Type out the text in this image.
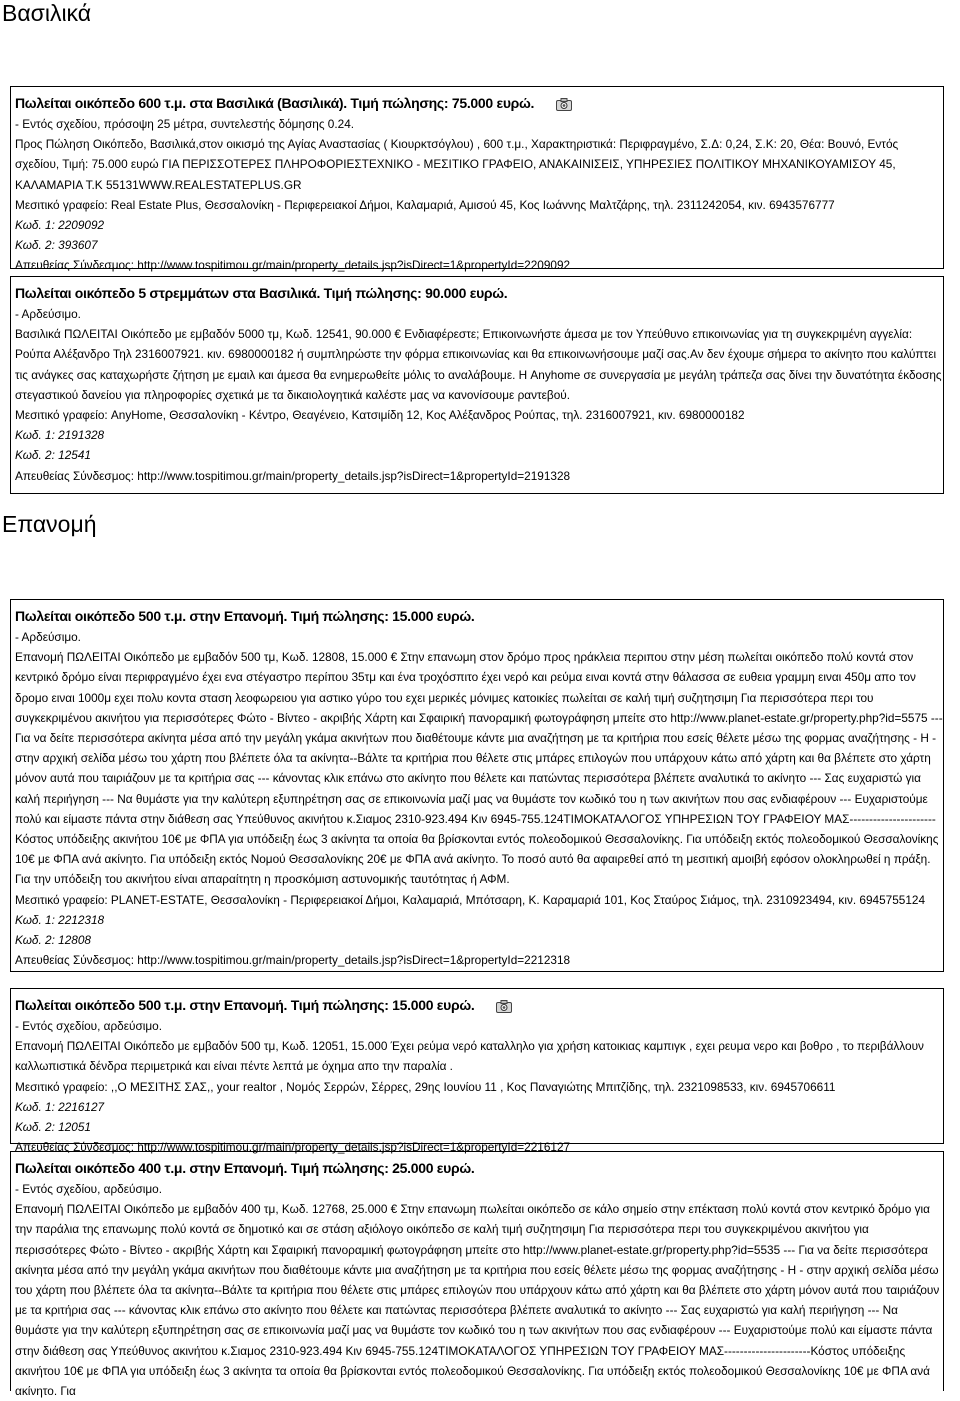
Βασιλικά

Πωλείται οικόπεδο 600 τ.μ. στα Βασιλικά (Βασιλικά). Τιμή πώλησης: 75.000 ευρώ.

- Εντός σχεδίου, πρόσοψη 25 μέτρα, συντελεστής δόμησης 0.24.

Προς Πώληση Οικόπεδο, Βασιλικά,στον οικισμό της Αγίας Αναστασίας ( Κιουρκτσόγλου) , 600 τ.μ., Χαρακτηριστικά: Περιφραγμένο, Σ.Δ: 0,24, Σ.Κ: 20, Θέα: Βουνό, Εντός σχεδίου, Τιμή: 75.000 ευρώ ΓΙΑ ΠΕΡΙΣΣΟΤΕΡΕΣ ΠΛΗΡΟΦΟΡΙΕΣΤΕΧΝΙΚΟ - ΜΕΣΙΤΙΚΟ ΓΡΑΦΕΙΟ, ΑΝΑΚΑΙΝΙΣΕΙΣ, ΥΠΗΡΕΣΙΕΣ ΠΟΛΙΤΙΚΟΥ ΜΗΧΑΝΙΚΟΥΑΜΙΣΟΥ 45, ΚΑΛΑΜΑΡΙΑ Τ.Κ 55131WWW.REALESTATEPLUS.GR

Μεσιτικό γραφείο: Real Estate Plus, Θεσσαλονίκη - Περιφερειακοί Δήμοι, Καλαμαριά, Αμισού 45, Κος Ιωάννης Μαλτζάρης, τηλ. 2311242054, κιν. 6943576777

Κωδ. 1: 2209092

Κωδ. 2: 393607

Απευθείας Σύνδεσμος: http://www.tospitimou.gr/main/property_details.jsp?isDirect=1&propertyId=2209092

Πωλείται οικόπεδο 5 στρεμμάτων στα Βασιλικά. Τιμή πώλησης: 90.000 ευρώ.

- Αρδεύσιμο.

Βασιλικά ΠΩΛΕΙΤΑΙ Οικόπεδο με εμβαδόν 5000 τμ, Κωδ. 12541, 90.000 € Ενδιαφέρεστε; Επικοινωνήστε άμεσα με τον Υπεύθυνο επικοινωνίας για τη συγκεκριμένη αγγελία: Ρούπα Αλέξανδρο Τηλ 2316007921. κιν. 6980000182 ή συμπληρώστε την φόρμα επικοινωνίας και θα επικοινωνήσουμε μαζί σας.Αν δεν έχουμε σήμερα το ακίνητο που καλύπτει τις ανάγκες σας καταχωρήστε ζήτηση με εμαιλ και άμεσα θα ενημερωθείτε μόλις το αναλάβουμε. Η Anyhome σε συνεργασία με μεγάλη τράπεζα σας δίνει την δυνατότητα έκδοσης στεγαστικού δανείου για πληροφορίες σχετικά με τα δικαιολογητικά καλέστε μας να κανονίσουμε ραντεβού.

Μεσιτικό γραφείο: AnyHome, Θεσσαλονίκη - Κέντρο, Θεαγένειο, Κατσιμίδη 12, Κος Αλέξανδρος Ρούπας, τηλ. 2316007921, κιν. 6980000182

Κωδ. 1: 2191328

Κωδ. 2: 12541

Απευθείας Σύνδεσμος: http://www.tospitimou.gr/main/property_details.jsp?isDirect=1&propertyId=2191328

Επανομή

Πωλείται οικόπεδο 500 τ.μ. στην Επανομή. Τιμή πώλησης: 15.000 ευρώ.

- Αρδεύσιμο.

Επανομή ΠΩΛΕΙΤΑΙ Οικόπεδο με εμβαδόν 500 τμ, Κωδ. 12808, 15.000 € Στην επανωμη στον δρόμο προς ηράκλεια περιπου στην μέση πωλείται οικόπεδο πολύ κοντά στον κεντρικό δρόμο είναι περιφραγμένο έχει ενα στέγαστρο περίπου 35τμ και ένα τροχόσπιτο έχει νερό και ρεύμα ειναι κοντά στην θάλασσα σε ευθεια γραμμη ειναι 450μ απο τον δρομο ειναι 1000μ εχει πολυ κοντα σταση λεοφωρειου για αστικο γύρο του εχει μερικές μόνιμες κατοικίες πωλείται σε καλή τιμή συζητησιμη Για περισσότερα περι του συγκεκριμένου ακινήτου για περισσότερες Φώτο - Βίντεο - ακριβής Χάρτη και Σφαιρική πανοραμική φωτογράφηση μπείτε στο http://www.planet-estate.gr/property.php?id=5575 --- Για να δείτε περισσότερα ακίνητα μέσα από την μεγάλη γκάμα ακινήτων που διαθέτουμε κάντε μια αναζήτηση με τα κριτήρια που εσείς θέλετε μέσω της φορμας αναζήτησης - Η - στην αρχική σελίδα μέσω του χάρτη που βλέπετε όλα τα ακίνητα--Βάλτε τα κριτήρια που θέλετε στις μπάρες επιλογών που υπάρχουν κάτω από χάρτη και θα βλέπετε στο χάρτη μόνον αυτά που ταιριάζουν με τα κριτήρια σας --- κάνοντας κλικ επάνω στο ακίνητο που θέλετε και πατώντας περισσότερα βλέπετε αναλυτικά το ακίνητο --- Σας ευχαριστώ για καλή περιήγηση --- Να θυμάστε για την καλύτερη εξυπηρέτηση σας σε επικοινωνία μαζί μας να θυμάστε τον κωδικό του η των ακινήτων που σας ενδιαφέρουν --- Ευχαριστούμε πολύ και είμαστε πάντα στην διάθεση σας Υπεύθυνος ακινήτου κ.Σιαμος 2310-923.494 Κιν 6945-755.124ΤΙΜΟΚΑΤΑΛΟΓΟΣ ΥΠΗΡΕΣΙΩΝ ΤΟΥ ΓΡΑΦΕΙΟΥ ΜΑΣ----------------------Κόστος υπόδειξης ακινήτου 10€ με ΦΠΑ για υπόδειξη έως 3 ακίνητα τα οποία θα βρίσκονται εντός πολεοδομικού Θεσσαλονίκης. Για υπόδειξη εκτός πολεοδομικού Θεσσαλονίκης 10€ με ΦΠΑ ανά ακίνητο. Για υπόδειξη εκτός Νομού Θεσσαλονίκης 20€ με ΦΠΑ ανά ακίνητο. Το ποσό αυτό θα αφαιρεθεί από τη μεσιτική αμοιβή εφόσον ολοκληρωθεί η πράξη. Για την υπόδειξη του ακινήτου είναι απαραίτητη η προσκόμιση αστυνομικής ταυτότητας ή ΑΦΜ.

Μεσιτικό γραφείο: PLANET-ESTATE, Θεσσαλονίκη - Περιφερειακοί Δήμοι, Καλαμαριά, Μπότσαρη, Κ. Καραμαριά 101, Κος Σταύρος Σιάμος, τηλ. 2310923494, κιν. 6945755124

Κωδ. 1: 2212318

Κωδ. 2: 12808

Απευθείας Σύνδεσμος: http://www.tospitimou.gr/main/property_details.jsp?isDirect=1&propertyId=2212318

Πωλείται οικόπεδο 500 τ.μ. στην Επανομή. Τιμή πώλησης: 15.000 ευρώ.

- Εντός σχεδίου, αρδεύσιμο.

Επανομή ΠΩΛΕΙΤΑΙ Οικόπεδο με εμβαδόν 500 τμ, Κωδ. 12051, 15.000 Έχει ρεύμα νερό καταλληλο για χρήση κατοικιας καμπιγκ , εχει ρευμα νερο και βοθρο , το περιβάλλουν καλλωπιστικά δένδρα περιμετρικά και είναι πέντε λεπτά με όχημα απο την παραλία .

Μεσιτικό γραφείο: ,,Ο ΜΕΣΙΤΗΣ ΣΑΣ,, your realtor , Νομός Σερρών, Σέρρες, 29ης Ιουνίου 11 , Κος Παναγιώτης Μπιτζίδης, τηλ. 2321098533, κιν. 6945706611

Κωδ. 1: 2216127

Κωδ. 2: 12051

Απευθείας Σύνδεσμος: http://www.tospitimou.gr/main/property_details.jsp?isDirect=1&propertyId=2216127

Πωλείται οικόπεδο 400 τ.μ. στην Επανομή. Τιμή πώλησης: 25.000 ευρώ.

- Εντός σχεδίου, αρδεύσιμο.

Επανομή ΠΩΛΕΙΤΑΙ Οικόπεδο με εμβαδόν 400 τμ, Κωδ. 12768, 25.000 € Στην επανωμη πωλείται οικόπεδο σε κάλο σημείο στην επέκταση πολύ κοντά στον κεντρικό δρόμο για την παράλια της επανωμης πολύ κοντά σε δημοτικό και σε στάση αξιόλογο οικόπεδο σε καλή τιμή συζητησιμη Για περισσότερα περι του συγκεκριμένου ακινήτου για περισσότερες Φώτο - Βίντεο - ακριβής Χάρτη και Σφαιρική πανοραμική φωτογράφηση μπείτε στο http://www.planet-estate.gr/property.php?id=5535 --- Για να δείτε περισσότερα ακίνητα μέσα από την μεγάλη γκάμα ακινήτων που διαθέτουμε κάντε μια αναζήτηση με τα κριτήρια που εσείς θέλετε μέσω της φορμας αναζήτησης - Η - στην αρχική σελίδα μέσω του χάρτη που βλέπετε όλα τα ακίνητα--Βάλτε τα κριτήρια που θέλετε στις μπάρες επιλογών που υπάρχουν κάτω από χάρτη και θα βλέπετε στο χάρτη μόνον αυτά που ταιριάζουν με τα κριτήρια σας --- κάνοντας κλικ επάνω στο ακίνητο που θέλετε και πατώντας περισσότερα βλέπετε αναλυτικά το ακίνητο --- Σας ευχαριστώ για καλή περιήγηση --- Να θυμάστε για την καλύτερη εξυπηρέτηση σας σε επικοινωνία μαζί μας να θυμάστε τον κωδικό του η των ακινήτων που σας ενδιαφέρουν --- Ευχαριστούμε πολύ και είμαστε πάντα στην διάθεση σας Υπεύθυνος ακινήτου κ.Σιαμος 2310-923.494 Κιν 6945-755.124ΤΙΜΟΚΑΤΑΛΟΓΟΣ ΥΠΗΡΕΣΙΩΝ ΤΟΥ ΓΡΑΦΕΙΟΥ ΜΑΣ----------------------Κόστος υπόδειξης ακινήτου 10€ με ΦΠΑ για υπόδειξη έως 3 ακίνητα τα οποία θα βρίσκονται εντός πολεοδομικού Θεσσαλονίκης. Για υπόδειξη εκτός πολεοδομικού Θεσσαλονίκης 10€ με ΦΠΑ ανά ακίνητο. Για
